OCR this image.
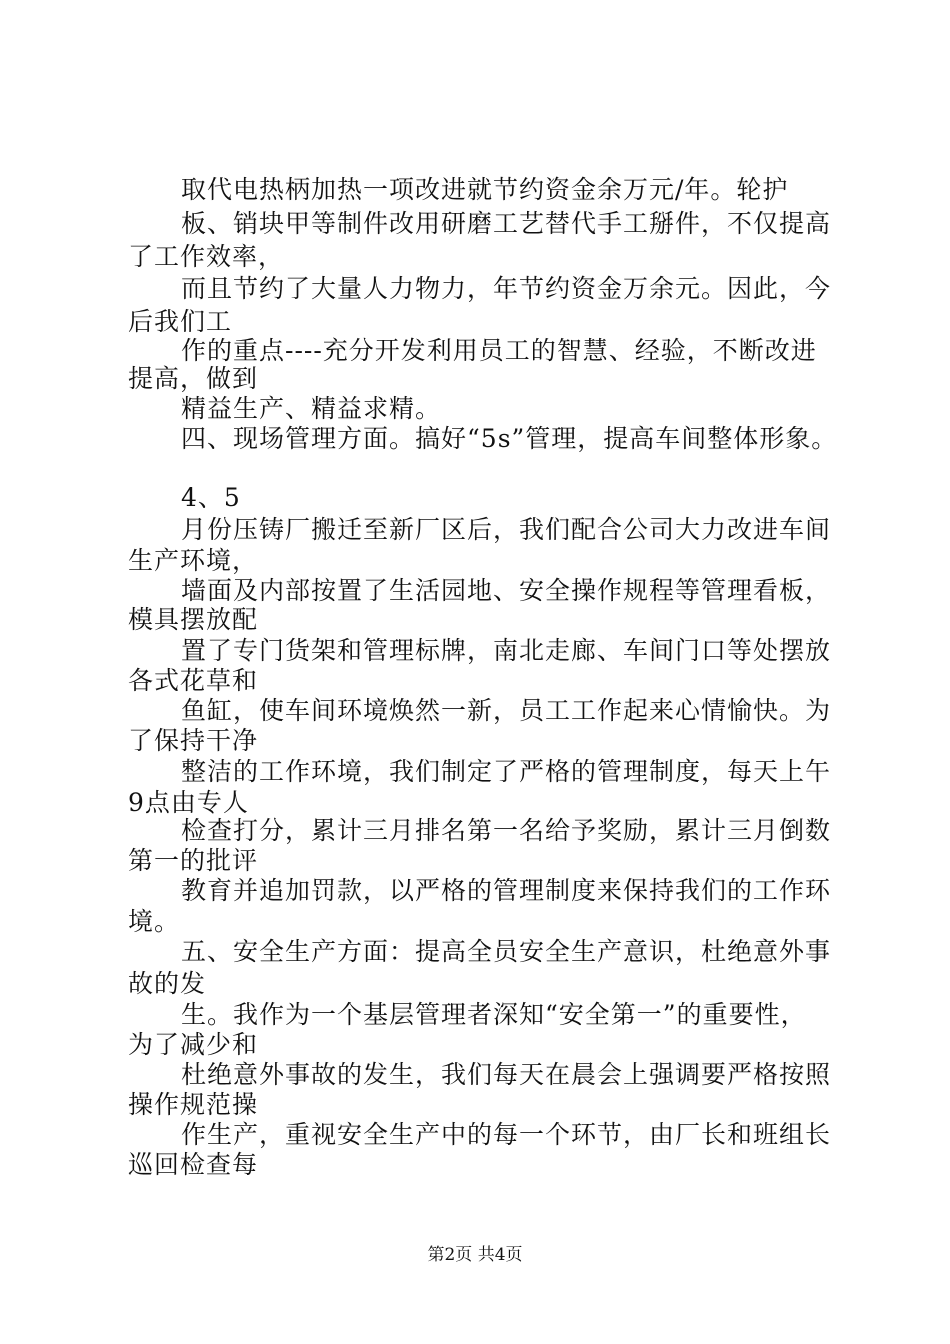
取代电热柄加热一项改进就节约资金余万元/年。轮护
板、销块甲等制件改用研磨工艺替代手工掰件，不仅提高
了工作效率，
而且节约了大量人力物力，年节约资金万余元。因此，今
后我们工
作的重点----充分开发利用员工的智慧、经验，不断改进
提高，做到
精益生产、精益求精。
四、现场管理方面。搞好“5s”管理，提高车间整体形象。
4、5
月份压铸厂搬迁至新厂区后，我们配合公司大力改进车间
生产环境，
墙面及内部按置了生活园地、安全操作规程等管理看板，
模具摆放配
置了专门货架和管理标牌，南北走廊、车间门口等处摆放
各式花草和
鱼缸，使车间环境焕然一新，员工工作起来心情愉快。为
了保持干净
整洁的工作环境，我们制定了严格的管理制度，每天上午
9点由专人
检查打分，累计三月排名第一名给予奖励，累计三月倒数
第一的批评
教育并追加罚款，以严格的管理制度来保持我们的工作环
境。
五、安全生产方面：提高全员安全生产意识，杜绝意外事
故的发
生。我作为一个基层管理者深知“安全第一”的重要性，
为了减少和
杜绝意外事故的发生，我们每天在晨会上强调要严格按照
操作规范操
作生产，重视安全生产中的每一个环节，由厂长和班组长
巡回检查每
第2页 共4页
